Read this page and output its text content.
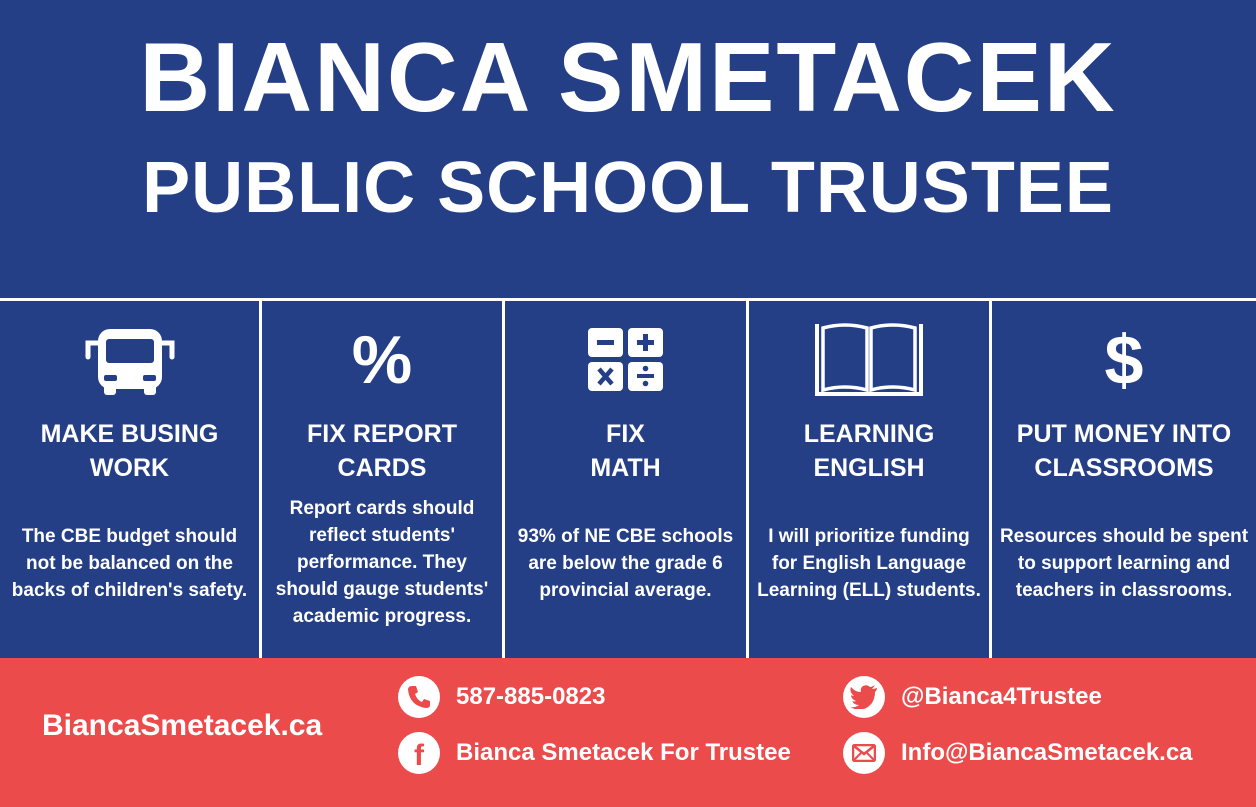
BIANCA SMETACEK
PUBLIC SCHOOL TRUSTEE
MAKE BUSING
WORK
The CBE budget should not be balanced on the backs of children's safety.
%
FIX REPORT
CARDS
Report cards should reflect students' performance. They should gauge students' academic progress.
FIX
MATH
93% of NE CBE schools are below the grade 6 provincial average.
LEARNING
ENGLISH
I will prioritize funding for English Language Learning (ELL) students.
$
PUT MONEY INTO
CLASSROOMS
Resources should be spent to support learning and teachers in classrooms.
BiancaSmetacek.ca
587-885-0823
f Bianca Smetacek For Trustee
@Bianca4Trustee
Info@BiancaSmetacek.ca
